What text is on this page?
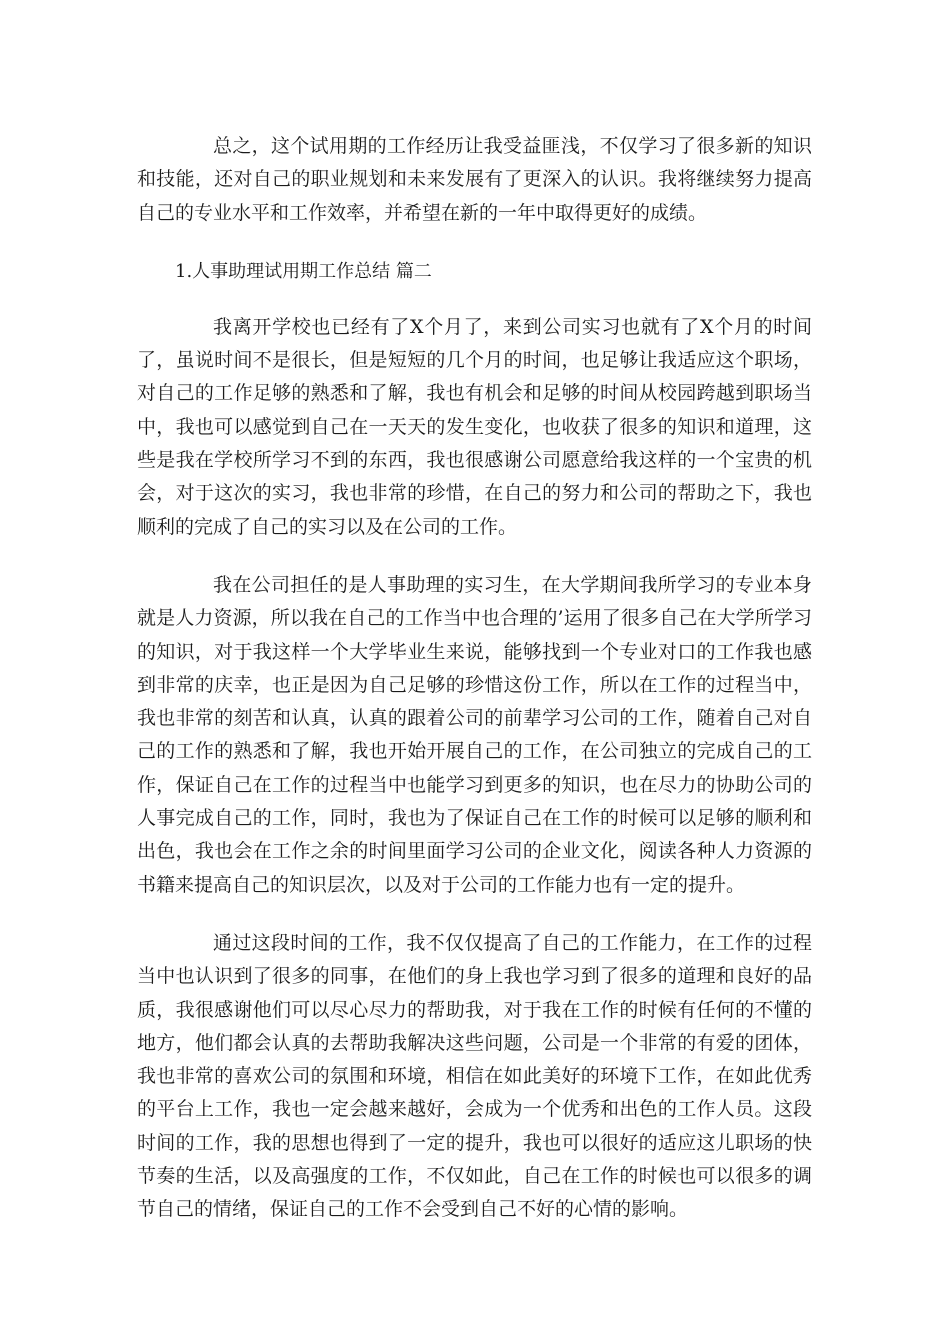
总之，这个试用期的工作经历让我受益匪浅，不仅学习了很多新的知识和技能，还对自己的职业规划和未来发展有了更深入的认识。我将继续努力提高自己的专业水平和工作效率，并希望在新的一年中取得更好的成绩。

1.人事助理试用期工作总结 篇二

我离开学校也已经有了X个月了，来到公司实习也就有了X个月的时间了，虽说时间不是很长，但是短短的几个月的时间，也足够让我适应这个职场，对自己的工作足够的熟悉和了解，我也有机会和足够的时间从校园跨越到职场当中，我也可以感觉到自己在一天天的发生变化，也收获了很多的知识和道理，这些是我在学校所学习不到的东西，我也很感谢公司愿意给我这样的一个宝贵的机会，对于这次的实习，我也非常的珍惜，在自己的努力和公司的帮助之下，我也顺利的完成了自己的实习以及在公司的工作。

我在公司担任的是人事助理的实习生，在大学期间我所学习的专业本身就是人力资源，所以我在自己的工作当中也合理的’运用了很多自己在大学所学习的知识，对于我这样一个大学毕业生来说，能够找到一个专业对口的工作我也感到非常的庆幸，也正是因为自己足够的珍惜这份工作，所以在工作的过程当中，我也非常的刻苦和认真，认真的跟着公司的前辈学习公司的工作，随着自己对自己的工作的熟悉和了解，我也开始开展自己的工作，在公司独立的完成自己的工作，保证自己在工作的过程当中也能学习到更多的知识，也在尽力的协助公司的人事完成自己的工作，同时，我也为了保证自己在工作的时候可以足够的顺利和出色，我也会在工作之余的时间里面学习公司的企业文化，阅读各种人力资源的书籍来提高自己的知识层次，以及对于公司的工作能力也有一定的提升。

通过这段时间的工作，我不仅仅提高了自己的工作能力，在工作的过程当中也认识到了很多的同事，在他们的身上我也学习到了很多的道理和良好的品质，我很感谢他们可以尽心尽力的帮助我，对于我在工作的时候有任何的不懂的地方，他们都会认真的去帮助我解决这些问题，公司是一个非常的有爱的团体，我也非常的喜欢公司的氛围和环境，相信在如此美好的环境下工作，在如此优秀的平台上工作，我也一定会越来越好，会成为一个优秀和出色的工作人员。这段时间的工作，我的思想也得到了一定的提升，我也可以很好的适应这儿职场的快节奏的生活，以及高强度的工作，不仅如此，自己在工作的时候也可以很多的调节自己的情绪，保证自己的工作不会受到自己不好的心情的影响。
